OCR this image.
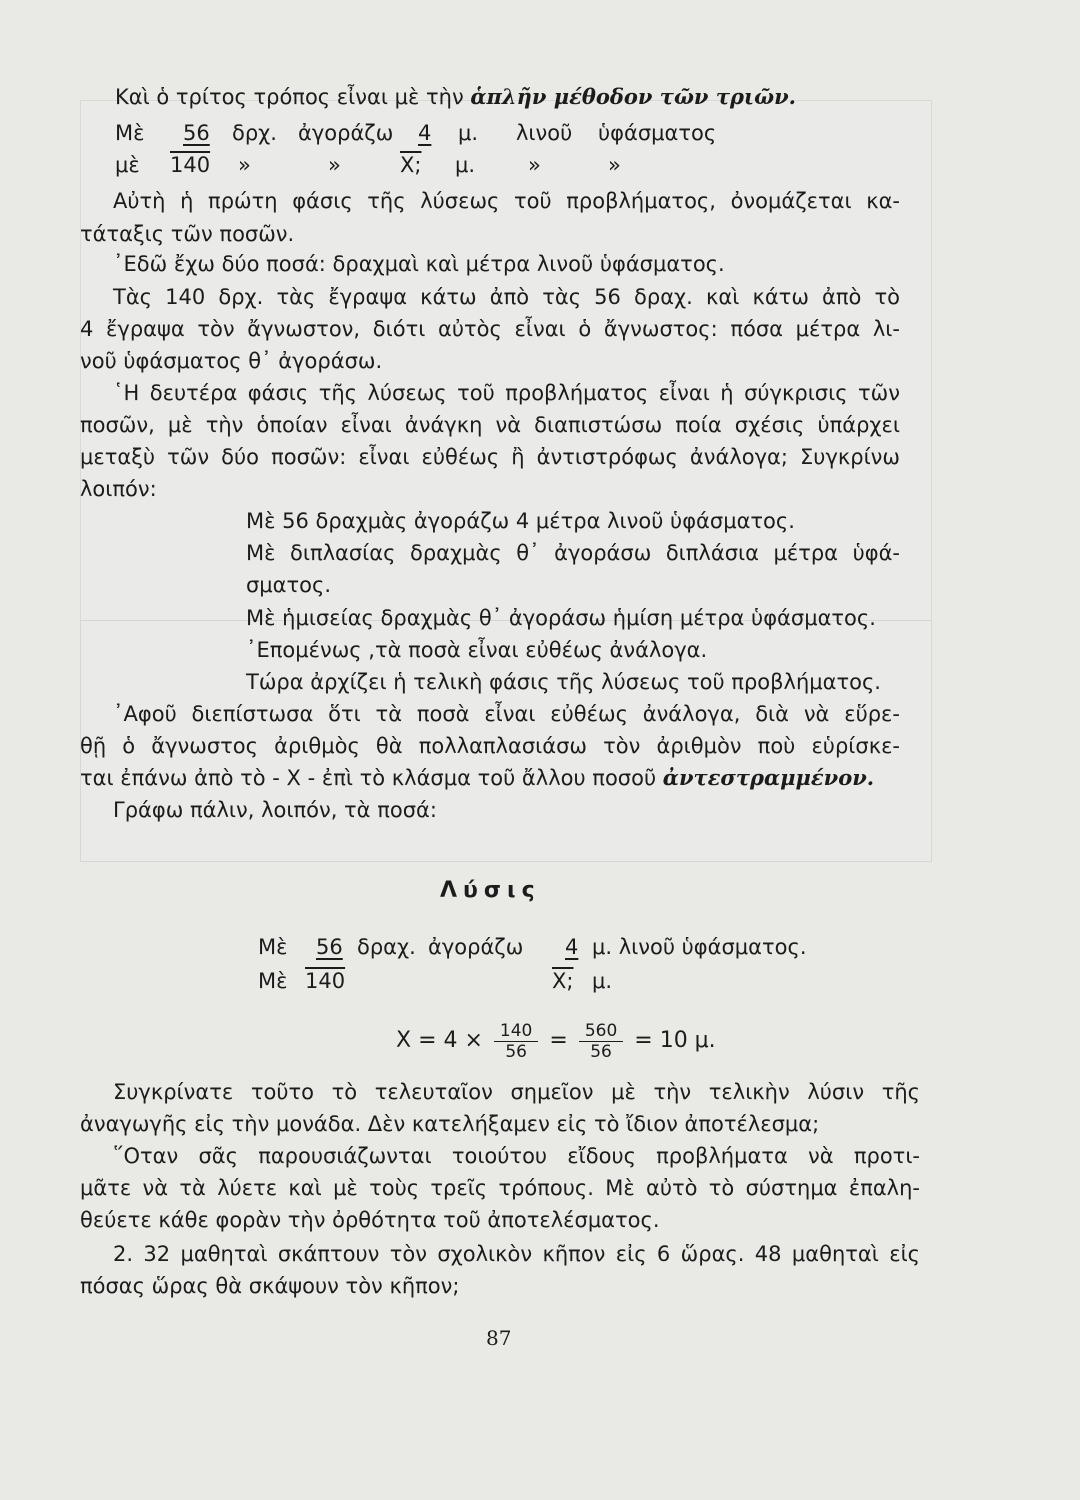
Καὶ ὁ τρίτος τρόπος εἶναι μὲ τὴν ἁπλῆν μέθοδον τῶν τριῶν.
Μὲ 56 δρχ. ἀγοράζω 4 μ. λινοῦ ὑφάσματος
μὲ 140 »	»	Χ; μ.	»	»
Αὐτὴ ἡ πρώτη φάσις τῆς λύσεως τοῦ προβλήματος, ὀνομάζεται κα-
τάταξις τῶν ποσῶν.
᾿Εδῶ ἔχω δύο ποσά: δραχμαὶ καὶ μέτρα λινοῦ ὑφάσματος.
Τὰς 140 δρχ. τὰς ἔγραψα κάτω ἀπὸ τὰς 56 δραχ. καὶ κάτω ἀπὸ τὸ
4 ἔγραψα τὸν ἄγνωστον, διότι αὐτὸς εἶναι ὁ ἄγνωστος: πόσα μέτρα λι-
νοῦ ὑφάσματος θ᾿ ἀγοράσω.
῾Η δευτέρα φάσις τῆς λύσεως τοῦ προβλήματος εἶναι ἡ σύγκρισις τῶν
ποσῶν, μὲ τὴν ὁποίαν εἶναι ἀνάγκη νὰ διαπιστώσω ποία σχέσις ὑπάρχει
μεταξὺ τῶν δύο ποσῶν: εἶναι εὐθέως ἢ ἀντιστρόφως ἀνάλογα; Συγκρίνω
λοιπόν:
Μὲ 56 δραχμὰς ἀγοράζω 4 μέτρα λινοῦ ὑφάσματος.
Μὲ διπλασίας δραχμὰς θ᾿ ἀγοράσω διπλάσια μέτρα ὑφά-
σματος.
Μὲ ἡμισείας δραχμὰς θ᾿ ἀγοράσω ἡμίση μέτρα ὑφάσματος.
᾿Επομένως ,τὰ ποσὰ εἶναι εὐθέως ἀνάλογα.
Τώρα ἀρχίζει ἡ τελικὴ φάσις τῆς λύσεως τοῦ προβλήματος.
᾿Αφοῦ διεπίστωσα ὅτι τὰ ποσὰ εἶναι εὐθέως ἀνάλογα, διὰ νὰ εὕρε-
θῇ ὁ ἄγνωστος ἀριθμὸς θὰ πολλαπλασιάσω τὸν ἀριθμὸν ποὺ εὑρίσκε-
ται ἐπάνω ἀπὸ τὸ - Χ - ἐπὶ τὸ κλάσμα τοῦ ἄλλου ποσοῦ ἀντεστραμμένον.
Γράφω πάλιν, λοιπόν, τὰ ποσά:
Λύσις
Μὲ 56 δραχ. ἀγοράζω 4 μ. λινοῦ ὑφάσματος.
Μὲ 140	Χ; μ.
$X = 4 \times \frac{140}{56} = \frac{560}{56} = 10$ μ.
Συγκρίνατε τοῦτο τὸ τελευταῖον σημεῖον μὲ τὴν τελικὴν λύσιν τῆς
ἀναγωγῆς εἰς τὴν μονάδα. Δὲν κατελήξαμεν εἰς τὸ ἴδιον ἀποτέλεσμα;
῞Οταν σᾶς παρουσιάζωνται τοιούτου εἴδους προβλήματα νὰ προτι-
μᾶτε νὰ τὰ λύετε καὶ μὲ τοὺς τρεῖς τρόπους. Μὲ αὐτὸ τὸ σύστημα ἐπαλη-
θεύετε κάθε φορὰν τὴν ὀρθότητα τοῦ ἀποτελέσματος.
2. 32 μαθηταὶ σκάπτουν τὸν σχολικὸν κῆπον εἰς 6 ὥρας. 48 μαθηταὶ εἰς
πόσας ὥρας θὰ σκάψουν τὸν κῆπον;
87
